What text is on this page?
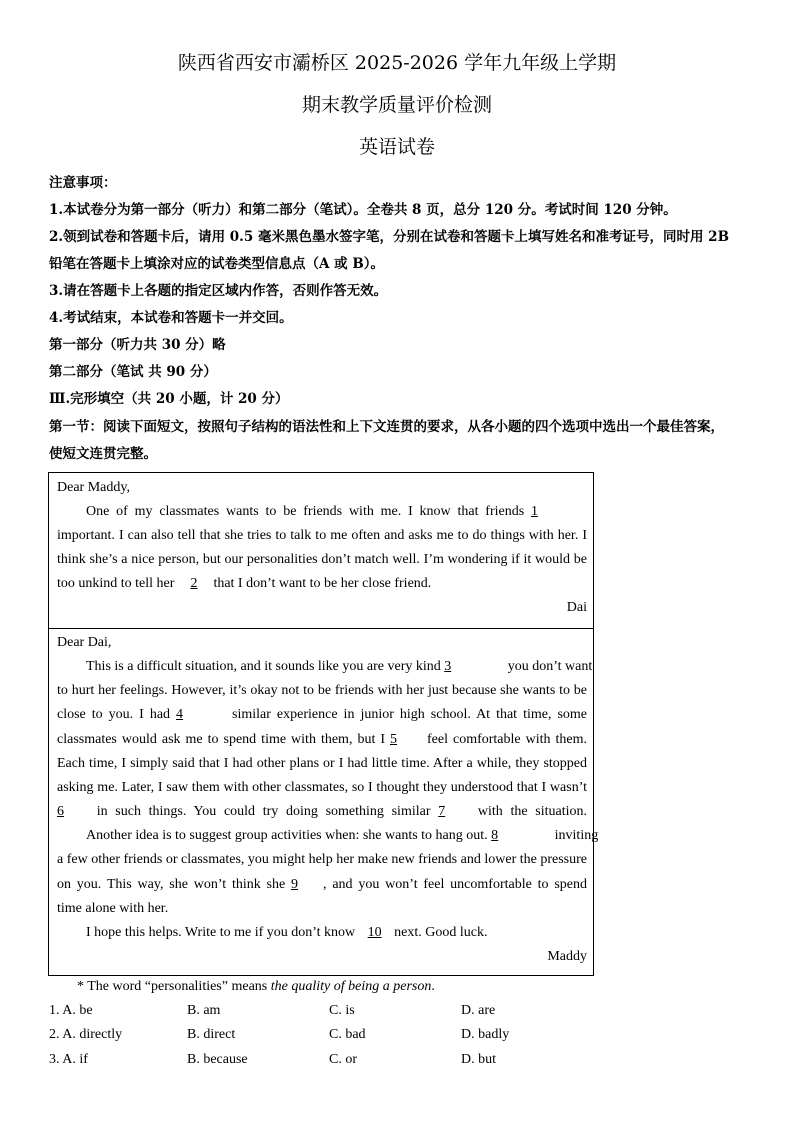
陕西省西安市灞桥区 2025-2026 学年九年级上学期
期末教学质量评价检测
英语试卷
注意事项：
1.本试卷分为第一部分（听力）和第二部分（笔试）。全卷共 8 页，总分 120 分。考试时间 120 分钟。
2.领到试卷和答题卡后，请用 0.5 毫米黑色墨水签字笔，分别在试卷和答题卡上填写姓名和准考证号，同时用 2B
铅笔在答题卡上填涂对应的试卷类型信息点（A 或 B）。
3.请在答题卡上各题的指定区域内作答，否则作答无效。
4.考试结束，本试卷和答题卡一并交回。
第一部分（听力共 30 分）略
第二部分（笔试 共 90 分）
Ⅲ.完形填空（共 20 小题，计 20 分）
第一节：阅读下面短文，按照句子结构的语法性和上下文连贯的要求，从各小题的四个选项中选出一个最佳答案，
使短文连贯完整。
Dear Maddy,
One of my classmates wants to be friends with me. I know that friends 1
important. I can also tell that she tries to talk to me often and asks me to do things with her. I
think she’s a nice person, but our personalities don’t match well. I’m wondering if it would be
too unkind to tell her 2 that I don’t want to be her close friend.
Dai
Dear Dai,
This is a difficult situation, and it sounds like you are very kind 3	you don’t want
to hurt her feelings. However, it’s okay not to be friends with her just because she wants to be
close to you. I had 4	similar experience in junior high school. At that time, some
classmates would ask me to spend time with them, but I 5 feel comfortable with them.
Each time, I simply said that I had other plans or I had little time. After a while, they stopped
asking me. Later, I saw them with other classmates, so I thought they understood that I wasn’t
6 in such things. You could try doing something similar 7 with the situation.
Another idea is to suggest group activities when: she wants to hang out. 8	inviting
a few other friends or classmates, you might help her make new friends and lower the pressure
on you. This way, she won’t think she 9 , and you won’t feel uncomfortable to spend
time alone with her.
I hope this helps. Write to me if you don’t know 10 next. Good luck.
Maddy
* The word “personalities” means the quality of being a person.
1. A. be	B. am	C. is	D. are
2. A. directly	B. direct	C. bad	D. badly
3. A. if	B. because	C. or	D. but
